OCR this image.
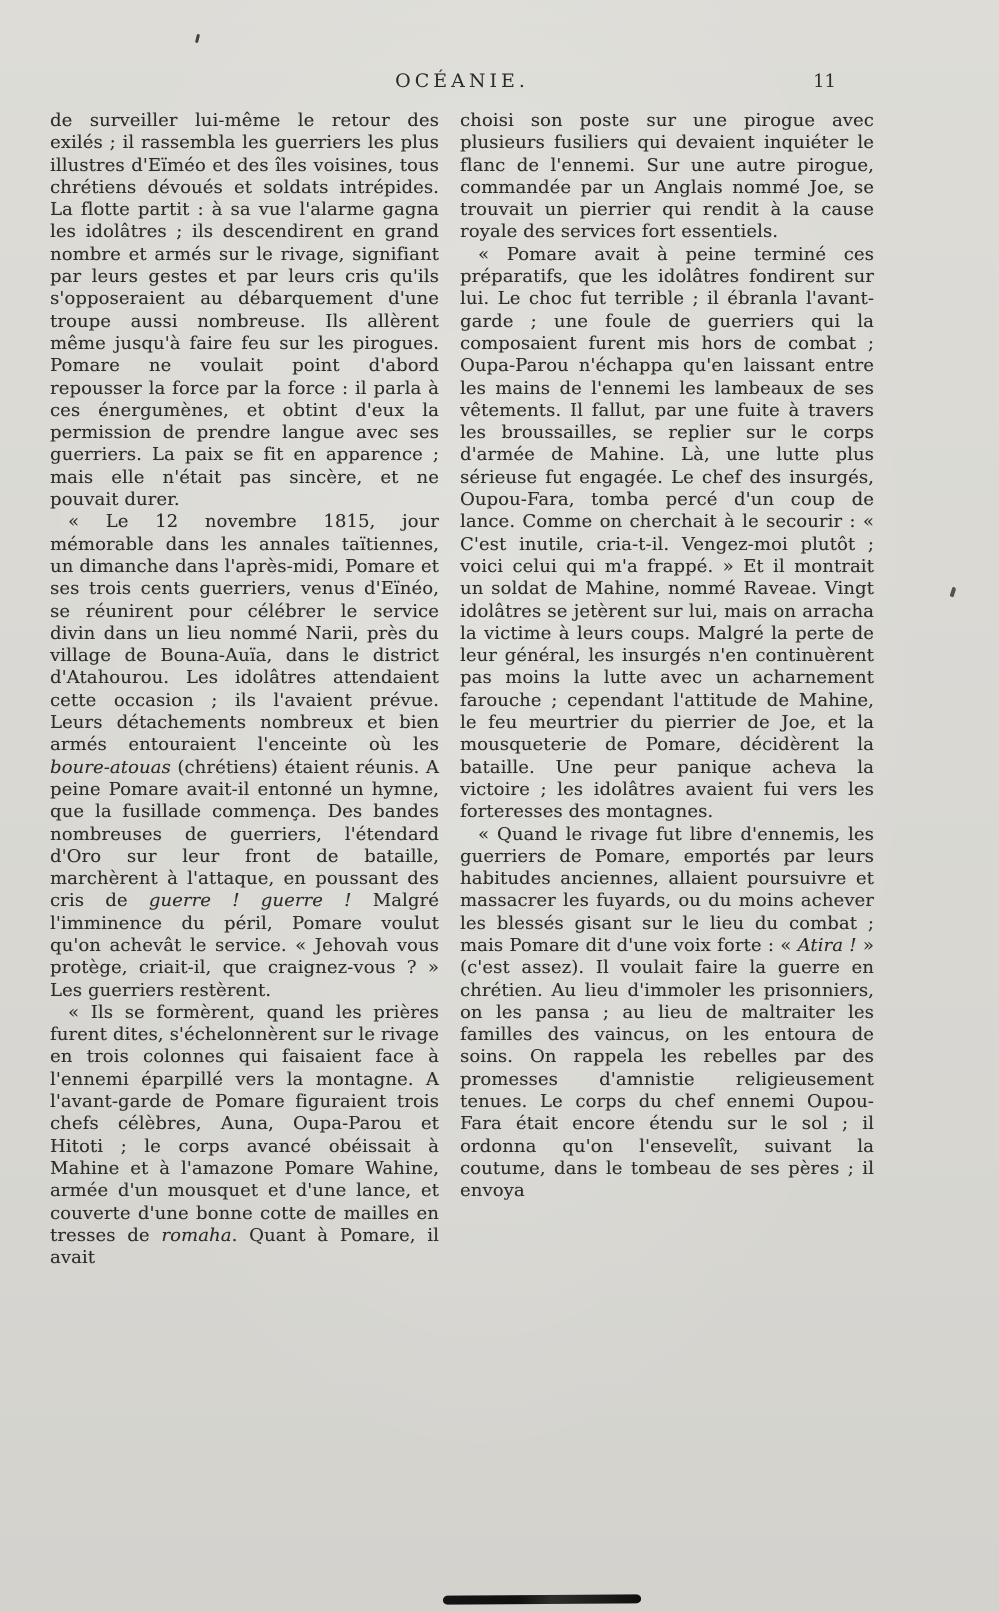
OCÉANIE.	11

de surveiller lui-même le retour des exilés ; il rassembla les guerriers les plus illustres d'Eïméo et des îles voisines, tous chrétiens dévoués et soldats intrépides. La flotte partit : à sa vue l'alarme gagna les idolâtres ; ils descendirent en grand nombre et armés sur le rivage, signifiant par leurs gestes et par leurs cris qu'ils s'opposeraient au débarquement d'une troupe aussi nombreuse. Ils allèrent même jusqu'à faire feu sur les pirogues. Pomare ne voulait point d'abord repousser la force par la force : il parla à ces énergumènes, et obtint d'eux la permission de prendre langue avec ses guerriers. La paix se fit en apparence ; mais elle n'était pas sincère, et ne pouvait durer.

« Le 12 novembre 1815, jour mémorable dans les annales taïtiennes, un dimanche dans l'après-midi, Pomare et ses trois cents guerriers, venus d'Eïnéo, se réunirent pour célébrer le service divin dans un lieu nommé Narii, près du village de Bouna-Auïa, dans le district d'Atahourou. Les idolâtres attendaient cette occasion ; ils l'avaient prévue. Leurs détachements nombreux et bien armés entouraient l'enceinte où les boure-atouas (chrétiens) étaient réunis. A peine Pomare avait-il entonné un hymne, que la fusillade commença. Des bandes nombreuses de guerriers, l'étendard d'Oro sur leur front de bataille, marchèrent à l'attaque, en poussant des cris de guerre ! guerre ! Malgré l'imminence du péril, Pomare voulut qu'on achevât le service. « Jehovah vous protège, criait-il, que craignez-vous ? » Les guerriers restèrent.

« Ils se formèrent, quand les prières furent dites, s'échelonnèrent sur le rivage en trois colonnes qui faisaient face à l'ennemi éparpillé vers la montagne. A l'avant-garde de Pomare figuraient trois chefs célèbres, Auna, Oupa-Parou et Hitoti ; le corps avancé obéissait à Mahine et à l'amazone Pomare Wahine, armée d'un mousquet et d'une lance, et couverte d'une bonne cotte de mailles en tresses de romaha. Quant à Pomare, il avait

choisi son poste sur une pirogue avec plusieurs fusiliers qui devaient inquiéter le flanc de l'ennemi. Sur une autre pirogue, commandée par un Anglais nommé Joe, se trouvait un pierrier qui rendit à la cause royale des services fort essentiels.

« Pomare avait à peine terminé ces préparatifs, que les idolâtres fondirent sur lui. Le choc fut terrible ; il ébranla l'avant-garde ; une foule de guerriers qui la composaient furent mis hors de combat ; Oupa-Parou n'échappa qu'en laissant entre les mains de l'ennemi les lambeaux de ses vêtements. Il fallut, par une fuite à travers les broussailles, se replier sur le corps d'armée de Mahine. Là, une lutte plus sérieuse fut engagée. Le chef des insurgés, Oupou-Fara, tomba percé d'un coup de lance. Comme on cherchait à le secourir : « C'est inutile, cria-t-il. Vengez-moi plutôt ; voici celui qui m'a frappé. » Et il montrait un soldat de Mahine, nommé Raveae. Vingt idolâtres se jetèrent sur lui, mais on arracha la victime à leurs coups. Malgré la perte de leur général, les insurgés n'en continuèrent pas moins la lutte avec un acharnement farouche ; cependant l'attitude de Mahine, le feu meurtrier du pierrier de Joe, et la mousqueterie de Pomare, décidèrent la bataille. Une peur panique acheva la victoire ; les idolâtres avaient fui vers les forteresses des montagnes.

« Quand le rivage fut libre d'ennemis, les guerriers de Pomare, emportés par leurs habitudes anciennes, allaient poursuivre et massacrer les fuyards, ou du moins achever les blessés gisant sur le lieu du combat ; mais Pomare dit d'une voix forte : « Atira ! » (c'est assez). Il voulait faire la guerre en chrétien. Au lieu d'immoler les prisonniers, on les pansa ; au lieu de maltraiter les familles des vaincus, on les entoura de soins. On rappela les rebelles par des promesses d'amnistie religieusement tenues. Le corps du chef ennemi Oupou-Fara était encore étendu sur le sol ; il ordonna qu'on l'ensevelît, suivant la coutume, dans le tombeau de ses pères ; il envoya
